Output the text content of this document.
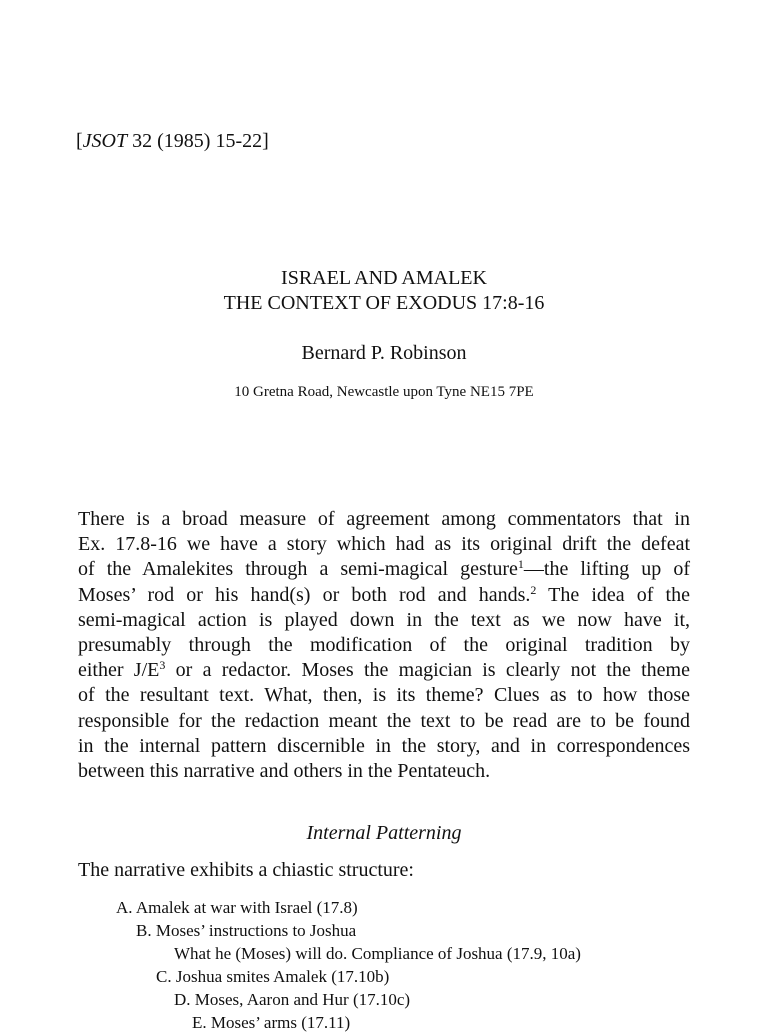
[JSOT 32 (1985) 15-22]
ISRAEL AND AMALEK
THE CONTEXT OF EXODUS 17:8-16
Bernard P. Robinson
10 Gretna Road, Newcastle upon Tyne NE15 7PE
There is a broad measure of agreement among commentators that in
Ex. 17.8-16 we have a story which had as its original drift the defeat
of the Amalekites through a semi-magical gesture$^1$—the lifting up of
Moses’ rod or his hand(s) or both rod and hands.$^2$ The idea of the
semi-magical action is played down in the text as we now have it,
presumably through the modification of the original tradition by
either $J/E^3$ or a redactor. Moses the magician is clearly not the theme
of the resultant text. What, then, is its theme? Clues as to how those
responsible for the redaction meant the text to be read are to be found
in the internal pattern discernible in the story, and in correspondences
between this narrative and others in the Pentateuch.
Internal Patterning
The narrative exhibits a chiastic structure:
A. Amalek at war with Israel (17.8)
B. Moses’ instructions to Joshua
What he (Moses) will do. Compliance of Joshua (17.9, 10a)
C. Joshua smites Amalek (17.10b)
D. Moses, Aaron and Hur (17.10c)
E. Moses’ arms (17.11)
